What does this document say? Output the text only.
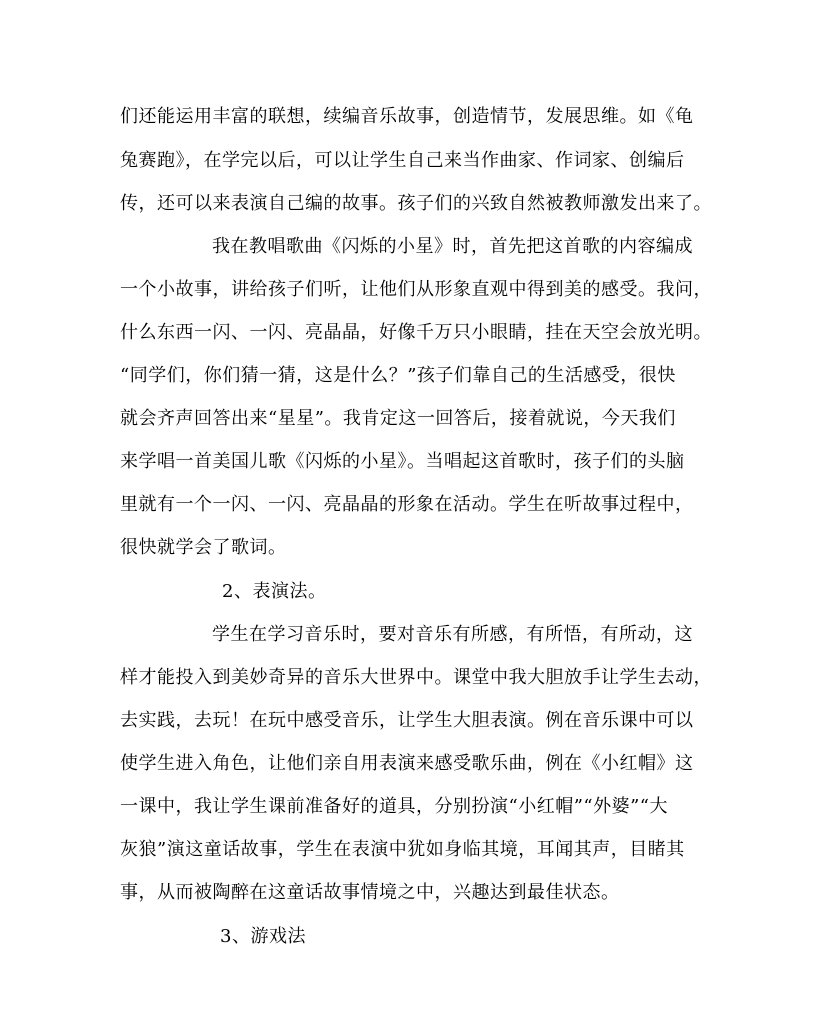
们还能运用丰富的联想，续编音乐故事，创造情节，发展思维。如《龟
兔赛跑》，在学完以后，可以让学生自己来当作曲家、作词家、创编后
传，还可以来表演自己编的故事。孩子们的兴致自然被教师激发出来了。
我在教唱歌曲《闪烁的小星》时，首先把这首歌的内容编成
一个小故事，讲给孩子们听，让他们从形象直观中得到美的感受。我问，
什么东西一闪、一闪、亮晶晶，好像千万只小眼睛，挂在天空会放光明。
“同学们，你们猜一猜，这是什么？”孩子们靠自己的生活感受，很快
就会齐声回答出来“星星”。我肯定这一回答后，接着就说，今天我们
来学唱一首美国儿歌《闪烁的小星》。当唱起这首歌时，孩子们的头脑
里就有一个一闪、一闪、亮晶晶的形象在活动。学生在听故事过程中，
很快就学会了歌词。
2、表演法。
学生在学习音乐时，要对音乐有所感，有所悟，有所动，这
样才能投入到美妙奇异的音乐大世界中。课堂中我大胆放手让学生去动，
去实践，去玩！在玩中感受音乐，让学生大胆表演。例在音乐课中可以
使学生进入角色，让他们亲自用表演来感受歌乐曲，例在《小红帽》这
一课中，我让学生课前准备好的道具，分别扮演“小红帽”“外婆”“大
灰狼”演这童话故事，学生在表演中犹如身临其境，耳闻其声，目睹其
事，从而被陶醉在这童话故事情境之中，兴趣达到最佳状态。
3、游戏法
